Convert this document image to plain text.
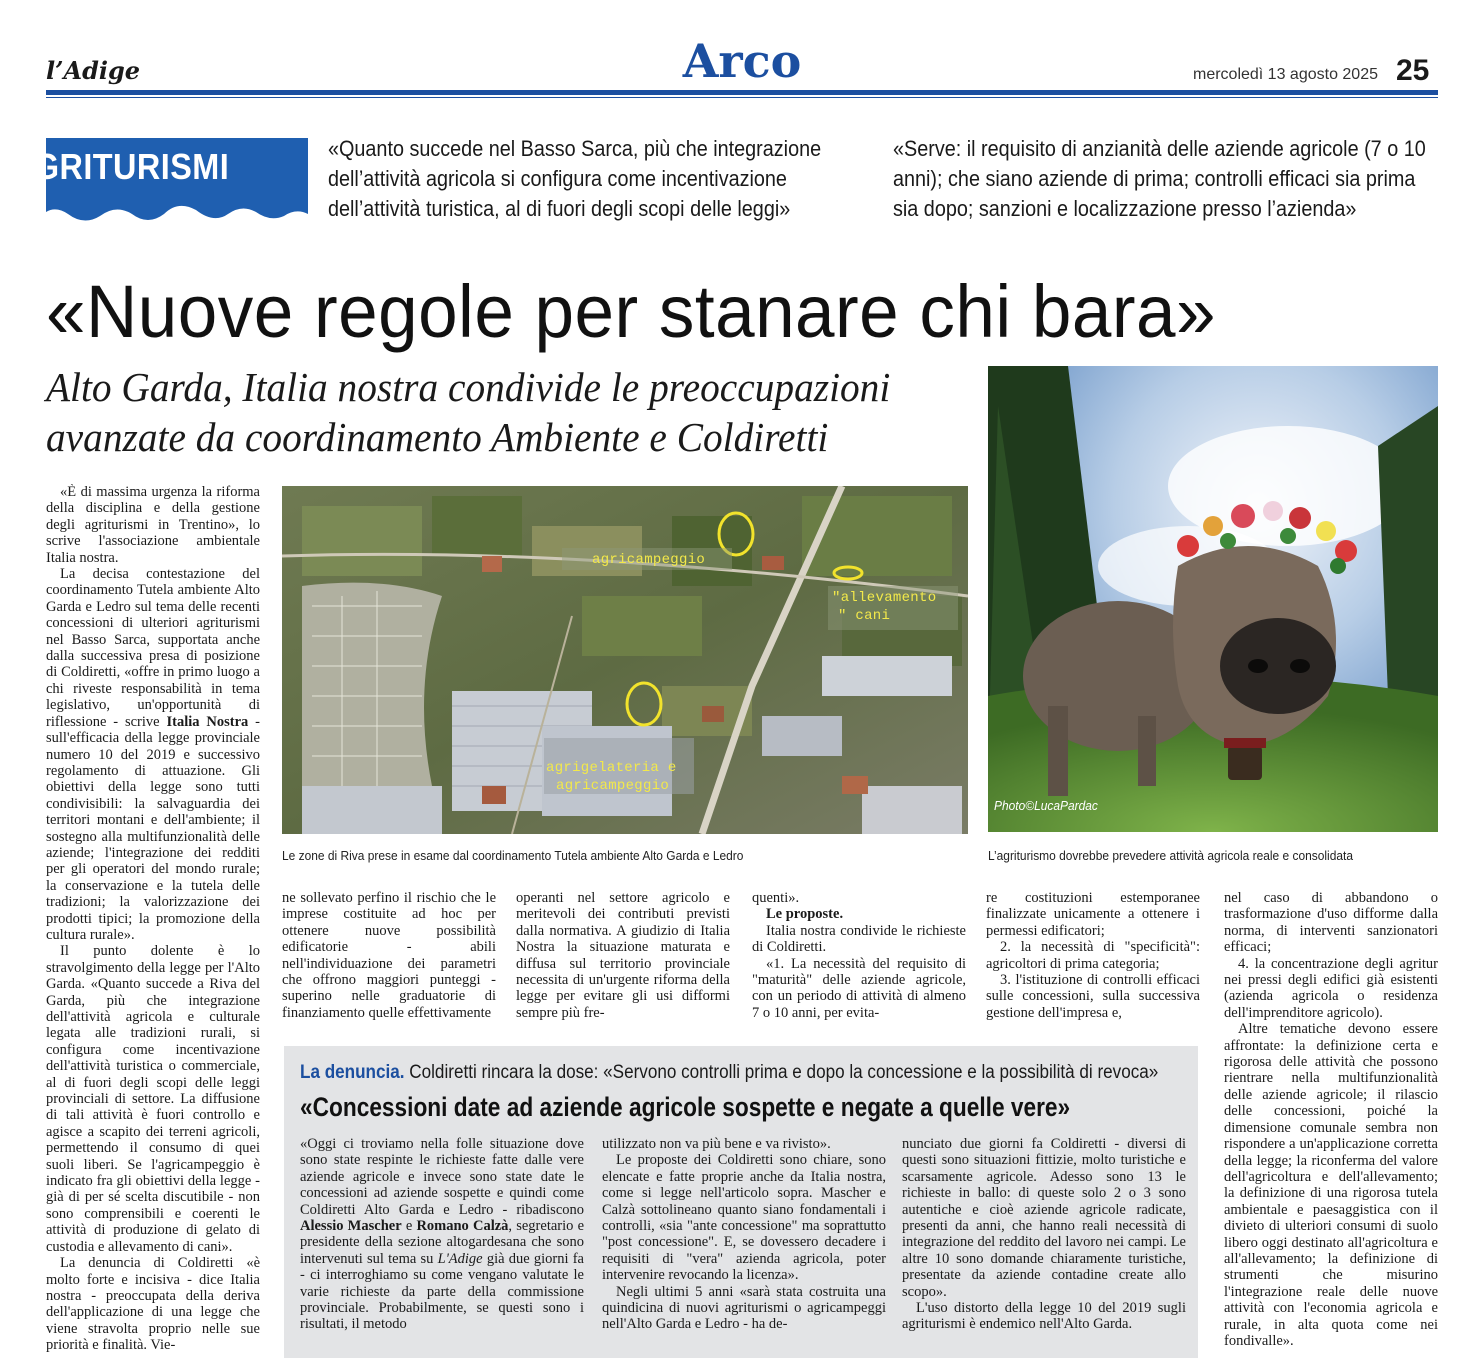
l’Adige	Arco	mercoledì 13 agosto 2025 25
AGRITURISMI	«Quanto succede nel Basso Sarca, più che integrazione dell’attività agricola si configura come incentivazione dell’attività turistica, al di fuori degli scopi delle leggi»
«Serve: il requisito di anzianità delle aziende agricole (7 o 10 anni); che siano aziende di prima; controlli efficaci sia prima sia dopo; sanzioni e localizzazione presso l’azienda»
«Nuove regole per stanare chi bara»
Alto Garda, Italia nostra condivide le preoccupazioni avanzate da coordinamento Ambiente e Coldiretti

«È di massima urgenza la riforma della disciplina e della gestione degli agriturismi in Trentino», lo scrive l'associazione ambientale Italia nostra.

La decisa contestazione del coordinamento Tutela ambiente Alto Garda e Ledro sul tema delle recenti concessioni di ulteriori agriturismi nel Basso Sarca, supportata anche dalla successiva presa di posizione di Coldiretti, «offre in primo luogo a chi riveste responsabilità in tema legislativo, un'opportunità di riflessione - scrive Italia Nostra - sull'efficacia della legge provinciale numero 10 del 2019 e successivo regolamento di attuazione. Gli obiettivi della legge sono tutti condivisibili: la salvaguardia dei territori montani e dell'ambiente; il sostegno alla multifunzionalità delle aziende; l'integrazione dei redditi per gli operatori del mondo rurale; la conservazione e la tutela delle tradizioni; la valorizzazione dei prodotti tipici; la promozione della cultura rurale».

Il punto dolente è lo stravolgimento della legge per l'Alto Garda. «Quanto succede a Riva del Garda, più che integrazione dell'attività agricola e culturale legata alle tradizioni rurali, si configura come incentivazione dell'attività turistica o commerciale, al di fuori degli scopi delle leggi provinciali di settore. La diffusione di tali attività è fuori controllo e agisce a scapito dei terreni agricoli, permettendo il consumo di quei suoli liberi. Se l'agricampeggio è indicato fra gli obiettivi della legge - già di per sé scelta discutibile - non sono comprensibili e coerenti le attività di produzione di gelato di custodia e allevamento di cani».

La denuncia di Coldiretti «è molto forte e incisiva - dice Italia nostra - preoccupata della deriva dell'applicazione di una legge che viene stravolta proprio nelle sue priorità e finalità. Vie-

agricampeggio
"allevamento
" cani
agrigelateria e
agricampeggio
Le zone di Riva prese in esame dal coordinamento Tutela ambiente Alto Garda e Ledro
Photo©LucaPardac
L’agriturismo dovrebbe prevedere attività agricola reale e consolidata

ne sollevato perfino il rischio che le imprese costituite ad hoc per ottenere nuove possibilità edificatorie - abili nell'individuazione dei parametri che offrono maggiori punteggi - superino nelle graduatorie di finanziamento quelle effettivamente

operanti nel settore agricolo e meritevoli dei contributi previsti dalla normativa. A giudizio di Italia Nostra la situazione maturata e diffusa sul territorio provinciale necessita di un'urgente riforma della legge per evitare gli usi difformi sempre più fre-

quenti».

Le proposte.

Italia nostra condivide le richieste di Coldiretti.

«1. La necessità del requisito di "maturità" delle aziende agricole, con un periodo di attività di almeno 7 o 10 anni, per evita-

re costituzioni estemporanee finalizzate unicamente a ottenere i permessi edificatori;

2. la necessità di "specificità": agricoltori di prima categoria;

3. l'istituzione di controlli efficaci sulle concessioni, sulla successiva gestione dell'impresa e,

nel caso di abbandono o trasformazione d'uso difforme dalla norma, di interventi sanzionatori efficaci;

4. la concentrazione degli agritur nei pressi degli edifici già esistenti (azienda agricola o residenza dell'imprenditore agricolo).

Altre tematiche devono essere affrontate: la definizione certa e rigorosa delle attività che possono rientrare nella multifunzionalità delle aziende agricole; il rilascio delle concessioni, poiché la dimensione comunale sembra non rispondere a un'applicazione corretta della legge; la riconferma del valore dell'agricoltura e dell'allevamento; la definizione di una rigorosa tutela ambientale e paesaggistica con il divieto di ulteriori consumi di suolo libero oggi destinato all'agricoltura e all'allevamento; la definizione di strumenti che misurino l'integrazione reale delle nuove attività con l'economia agricola e rurale, in alta quota come nei fondivalle».

La denuncia. Coldiretti rincara la dose: «Servono controlli prima e dopo la concessione e la possibilità di revoca»
«Concessioni date ad aziende agricole sospette e negate a quelle vere»

«Oggi ci troviamo nella folle situazione dove sono state respinte le richieste fatte dalle vere aziende agricole e invece sono state date le concessioni ad aziende sospette e quindi come Coldiretti Alto Garda e Ledro - ribadiscono Alessio Mascher e Romano Calzà, segretario e presidente della sezione altogardesana che sono intervenuti sul tema su L'Adige già due giorni fa - ci interroghiamo su come vengano valutate le varie richieste da parte della commissione provinciale. Probabilmente, se questi sono i risultati, il metodo

utilizzato non va più bene e va rivisto».

Le proposte dei Coldiretti sono chiare, sono elencate e fatte proprie anche da Italia nostra, come si legge nell'articolo sopra. Mascher e Calzà sottolineano quanto siano fondamentali i controlli, «sia "ante concessione" ma soprattutto "post concessione". E, se dovessero decadere i requisiti di "vera" azienda agricola, poter intervenire revocando la licenza».

Negli ultimi 5 anni «sarà stata costruita una quindicina di nuovi agriturismi o agricampeggi nell'Alto Garda e Ledro - ha de-

nunciato due giorni fa Coldiretti - diversi di questi sono situazioni fittizie, molto turistiche e scarsamente agricole. Adesso sono 13 le richieste in ballo: di queste solo 2 o 3 sono autentiche e cioè aziende agricole radicate, presenti da anni, che hanno reali necessità di integrazione del reddito del lavoro nei campi. Le altre 10 sono domande chiaramente turistiche, presentate da aziende contadine create allo scopo».

L'uso distorto della legge 10 del 2019 sugli agriturismi è endemico nell'Alto Garda.
